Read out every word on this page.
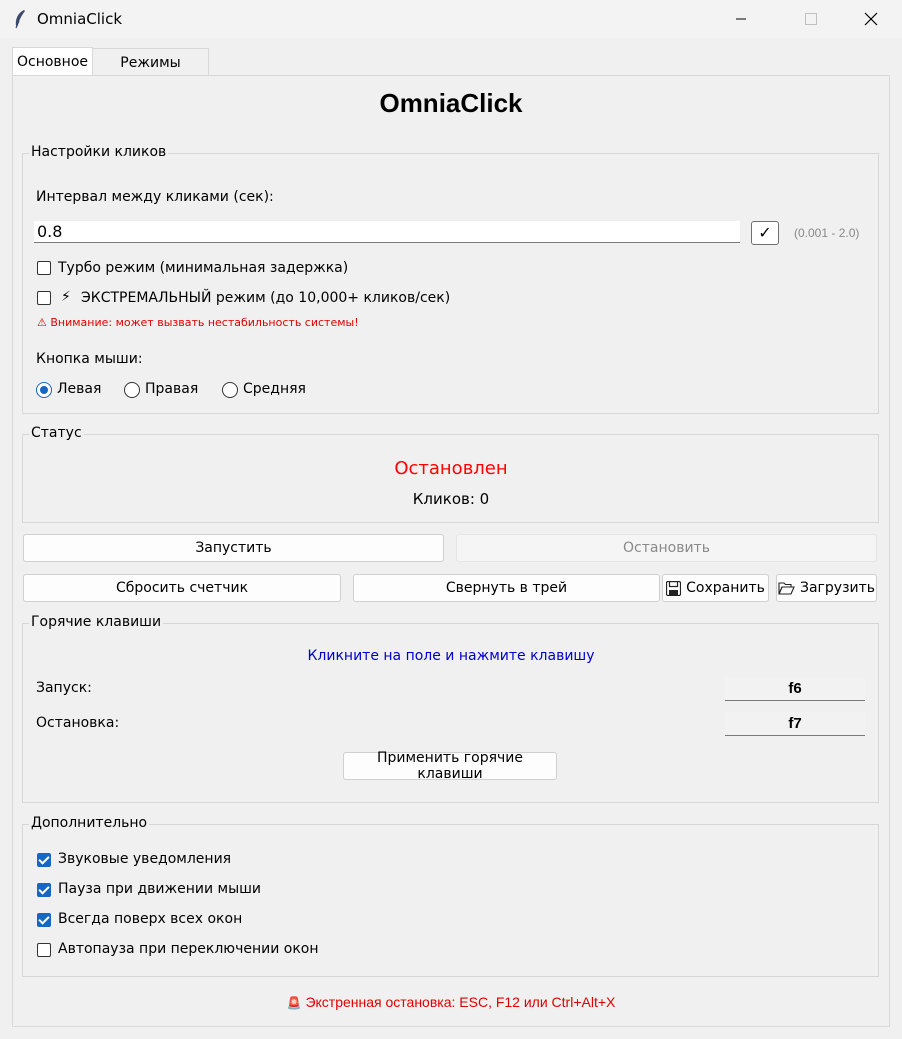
OmniaClick
Основное	Режимы
OmniaClick
Настройки кликов
Интервал между кликами (сек):
0.8	✓	(0.001 - 2.0)
Турбо режим (минимальная задержка)
⚡ ЭКСТРЕМАЛЬНЫЙ режим (до 10,000+ кликов/сек)
⚠ Внимание: может вызвать нестабильность системы!
Кнопка мыши:
Левая	Правая	Средняя
Статус
Остановлен
Кликов: 0
Запустить	Остановить
Сбросить счетчик	Свернуть в трей	Сохранить	Загрузить
Горячие клавиши
Кликните на поле и нажмите клавишу
Запуск:	f6
Остановка:	f7
Применить горячие клавиши
Дополнительно
Звуковые уведомления
Пауза при движении мыши
Всегда поверх всех окон
Автопауза при переключении окон
🚨 Экстренная остановка: ESC, F12 или Ctrl+Alt+X
